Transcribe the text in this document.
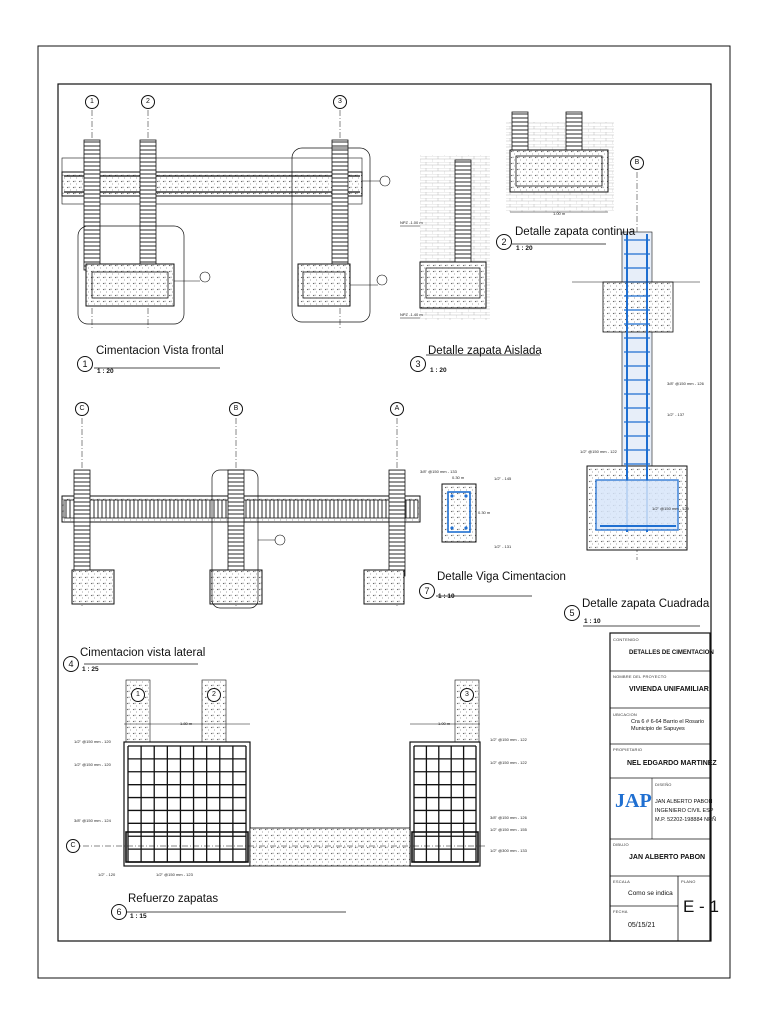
1
Cimentacion Vista frontal
1 : 20
2
Detalle zapata continua
1 : 20
3
Detalle zapata Aislada
1 : 20
4
Cimentacion vista lateral
1 : 25
5
Detalle zapata Cuadrada
1 : 10
6
Refuerzo zapatas
1 : 15
7
Detalle Viga Cimentacion
1 : 10
1	2	3
C	B	A
B
1	2	3
C
1.00 m
NPZ -1.00 m
NPZ -1.40 m
3/8" @150 mm - 133
1/2" - 145
1/2" - 131
0.30 m
0.30 m
3/8" @150 mm - 126
1/2" - 137
1/2" @150 mm - 122
1/2" @150 mm - 129
1.80 m	1.00 m
1/2" @150 mm - 120
1/2" @150 mm - 120
3/8" @150 mm - 124
1/2" - 120	1/2" @150 mm - 123
1/2" @150 mm - 122
1/2" @150 mm - 122
3/8" @150 mm - 126
1/2" @150 mm - 155
1/2" @300 mm - 133
CONTENIDO
DETALLES DE CIMENTACION
NOMBRE DEL PROYECTO
VIVIENDA UNIFAMILIAR
UBICACION
Cra 6 # 6-64 Barrio el Rosario
Municipio de Sapuyes
PROPIETARIO
NEL EDGARDO MARTINEZ
JAP
DISEÑO
JAN ALBERTO PABON
INGENIERO CIVIL ESP
M.P. 52202-198884 NRÑ
DIBUJO
JAN ALBERTO PABON
ESCALA
Como se indica
PLANO
E - 1
FECHA
05/15/21
